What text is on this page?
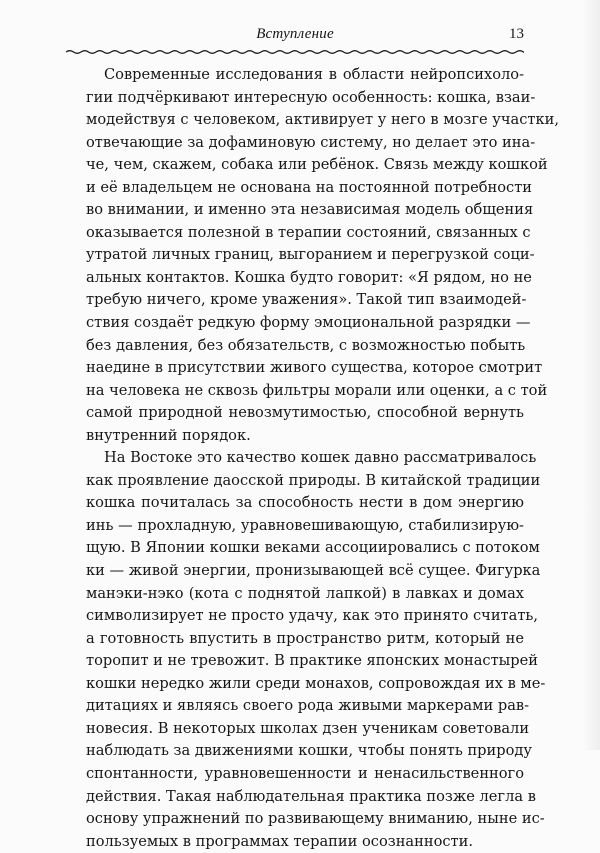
Вступление	13
Современные исследования в области нейропсихоло-
гии подчёркивают интересную особенность: кошка, взаи-
модействуя с человеком, активирует у него в мозге участки,
отвечающие за дофаминовую систему, но делает это ина-
че, чем, скажем, собака или ребёнок. Связь между кошкой
и её владельцем не основана на постоянной потребности
во внимании, и именно эта независимая модель общения
оказывается полезной в терапии состояний, связанных с
утратой личных границ, выгоранием и перегрузкой соци-
альных контактов. Кошка будто говорит: «Я рядом, но не
требую ничего, кроме уважения». Такой тип взаимодей-
ствия создаёт редкую форму эмоциональной разрядки —
без давления, без обязательств, с возможностью побыть
наедине в присутствии живого существа, которое смотрит
на человека не сквозь фильтры морали или оценки, а с той
самой природной невозмутимостью, способной вернуть
внутренний порядок.
На Востоке это качество кошек давно рассматривалось
как проявление даосской природы. В китайской традиции
кошка почиталась за способность нести в дом энергию
инь — прохладную, уравновешивающую, стабилизирую-
щую. В Японии кошки веками ассоциировались с потоком
ки — живой энергии, пронизывающей всё сущее. Фигурка
манэки-нэко (кота с поднятой лапкой) в лавках и домах
символизирует не просто удачу, как это принято считать,
а готовность впустить в пространство ритм, который не
торопит и не тревожит. В практике японских монастырей
кошки нередко жили среди монахов, сопровождая их в ме-
дитациях и являясь своего рода живыми маркерами рав-
новесия. В некоторых школах дзен ученикам советовали
наблюдать за движениями кошки, чтобы понять природу
спонтанности, уравновешенности и ненасильственного
действия. Такая наблюдательная практика позже легла в
основу упражнений по развивающему вниманию, ныне ис-
пользуемых в программах терапии осознанности.
